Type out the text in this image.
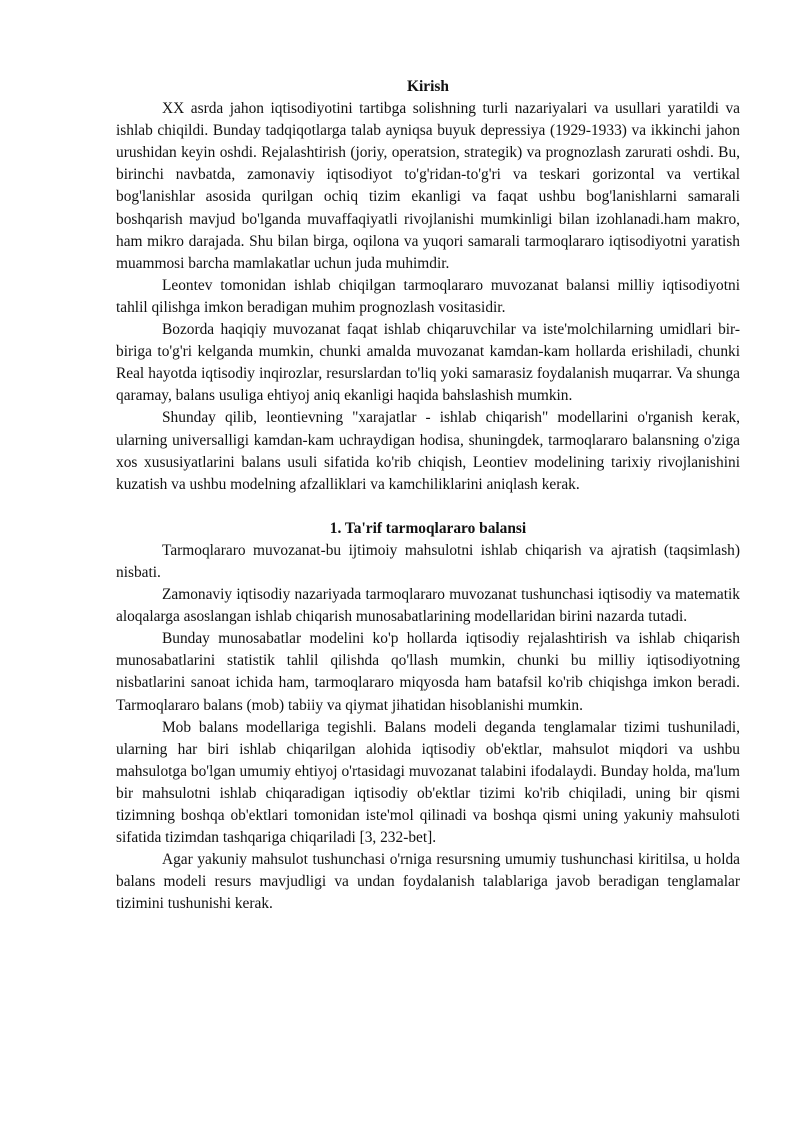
Kirish

XX asrda jahon iqtisodiyotini tartibga solishning turli nazariyalari va usullari yaratildi va ishlab chiqildi. Bunday tadqiqotlarga talab ayniqsa buyuk depressiya (1929-1933) va ikkinchi jahon urushidan keyin oshdi. Rejalashtirish (joriy, operatsion, strategik) va prognozlash zarurati oshdi. Bu, birinchi navbatda, zamonaviy iqtisodiyot to'g'ridan-to'g'ri va teskari gorizontal va vertikal bog'lanishlar asosida qurilgan ochiq tizim ekanligi va faqat ushbu bog'lanishlarni samarali boshqarish mavjud bo'lganda muvaffaqiyatli rivojlanishi mumkinligi bilan izohlanadi.ham makro, ham mikro darajada. Shu bilan birga, oqilona va yuqori samarali tarmoqlararo iqtisodiyotni yaratish muammosi barcha mamlakatlar uchun juda muhimdir.

Leontev tomonidan ishlab chiqilgan tarmoqlararo muvozanat balansi milliy iqtisodiyotni tahlil qilishga imkon beradigan muhim prognozlash vositasidir.

Bozorda haqiqiy muvozanat faqat ishlab chiqaruvchilar va iste'molchilarning umidlari bir-biriga to'g'ri kelganda mumkin, chunki amalda muvozanat kamdan-kam hollarda erishiladi, chunki Real hayotda iqtisodiy inqirozlar, resurslardan to'liq yoki samarasiz foydalanish muqarrar. Va shunga qaramay, balans usuliga ehtiyoj aniq ekanligi haqida bahslashish mumkin.

Shunday qilib, leontievning "xarajatlar - ishlab chiqarish" modellarini o'rganish kerak, ularning universalligi kamdan-kam uchraydigan hodisa, shuningdek, tarmoqlararo balansning o'ziga xos xususiyatlarini balans usuli sifatida ko'rib chiqish, Leontiev modelining tarixiy rivojlanishini kuzatish va ushbu modelning afzalliklari va kamchiliklarini aniqlash kerak.

1. Ta'rif tarmoqlararo balansi

Tarmoqlararo muvozanat-bu ijtimoiy mahsulotni ishlab chiqarish va ajratish (taqsimlash) nisbati.

Zamonaviy iqtisodiy nazariyada tarmoqlararo muvozanat tushunchasi iqtisodiy va matematik aloqalarga asoslangan ishlab chiqarish munosabatlarining modellaridan birini nazarda tutadi.

Bunday munosabatlar modelini ko'p hollarda iqtisodiy rejalashtirish va ishlab chiqarish munosabatlarini statistik tahlil qilishda qo'llash mumkin, chunki bu milliy iqtisodiyotning nisbatlarini sanoat ichida ham, tarmoqlararo miqyosda ham batafsil ko'rib chiqishga imkon beradi. Tarmoqlararo balans (mob) tabiiy va qiymat jihatidan hisoblanishi mumkin.

Mob balans modellariga tegishli. Balans modeli deganda tenglamalar tizimi tushuniladi, ularning har biri ishlab chiqarilgan alohida iqtisodiy ob'ektlar, mahsulot miqdori va ushbu mahsulotga bo'lgan umumiy ehtiyoj o'rtasidagi muvozanat talabini ifodalaydi. Bunday holda, ma'lum bir mahsulotni ishlab chiqaradigan iqtisodiy ob'ektlar tizimi ko'rib chiqiladi, uning bir qismi tizimning boshqa ob'ektlari tomonidan iste'mol qilinadi va boshqa qismi uning yakuniy mahsuloti sifatida tizimdan tashqariga chiqariladi [3, 232-bet].

Agar yakuniy mahsulot tushunchasi o'rniga resursning umumiy tushunchasi kiritilsa, u holda balans modeli resurs mavjudligi va undan foydalanish talablariga javob beradigan tenglamalar tizimini tushunishi kerak.
